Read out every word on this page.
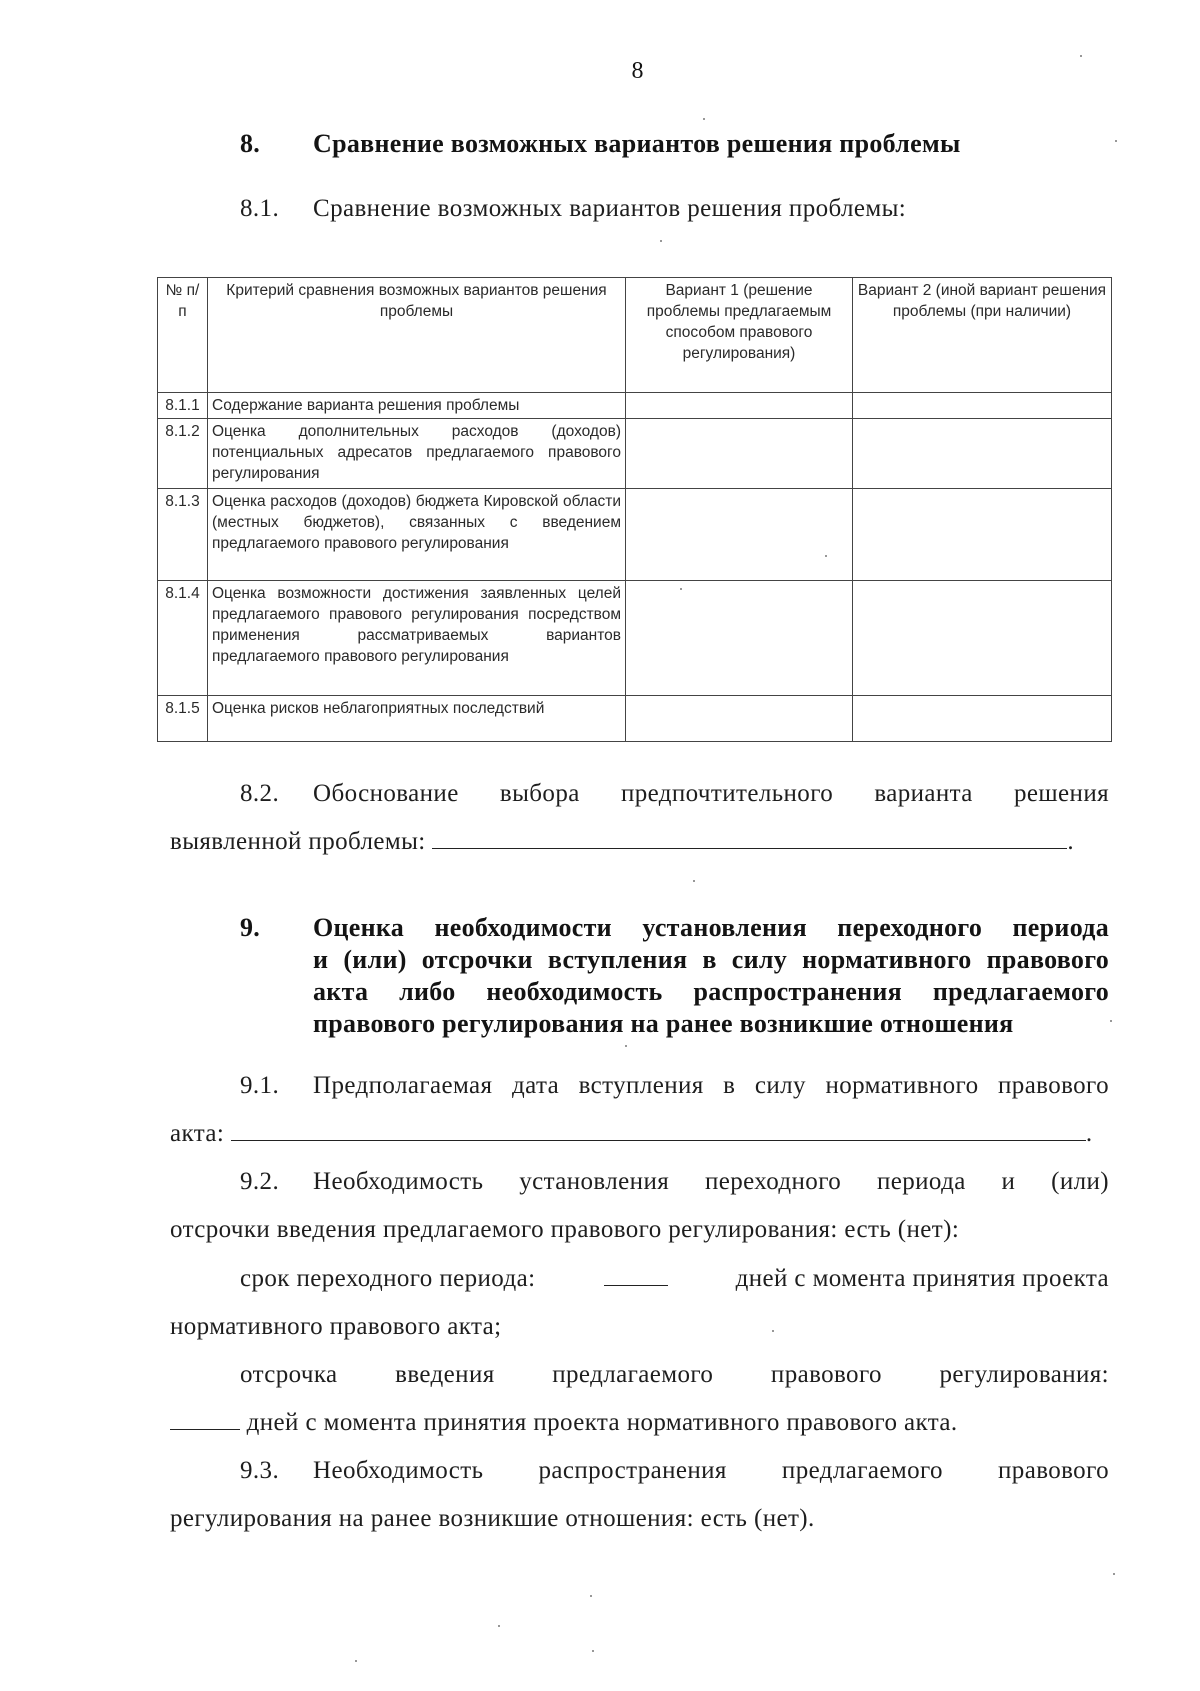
8
8. Сравнение возможных вариантов решения проблемы
8.1. Сравнение возможных вариантов решения проблемы:
№ п/п	Критерий сравнения возможных вариантов решения проблемы	Вариант 1 (решение проблемы предлагаемым способом правового регулирования)	Вариант 2 (иной вариант решения проблемы (при наличии)
8.1.1	Содержание варианта решения проблемы		
8.1.2	Оценка дополнительных расходов (доходов) потенциальных адресатов предлагаемого правового регулирования		
8.1.3	Оценка расходов (доходов) бюджета Кировской области (местных бюджетов), связанных с введением предлагаемого правового регулирования		
8.1.4	Оценка возможности достижения заявленных целей предлагаемого правового регулирования посредством применения рассматриваемых вариантов предлагаемого правового регулирования		
8.1.5	Оценка рисков неблагоприятных последствий		
8.2. Обоснование выбора предпочтительного варианта решения
выявленной проблемы:	.
9. Оценка необходимости установления переходного периода
и (или) отсрочки вступления в силу нормативного правового
акта либо необходимость распространения предлагаемого
правового регулирования на ранее возникшие отношения
9.1. Предполагаемая дата вступления в силу нормативного правового
акта:	.
9.2. Необходимость установления переходного периода и (или)
отсрочки введения предлагаемого правового регулирования: есть (нет):
срок переходного периода:	дней с момента принятия проекта
нормативного правового акта;
отсрочка введения предлагаемого правового регулирования:
дней с момента принятия проекта нормативного правового акта.
9.3. Необходимость распространения предлагаемого правового
регулирования на ранее возникшие отношения: есть (нет).
